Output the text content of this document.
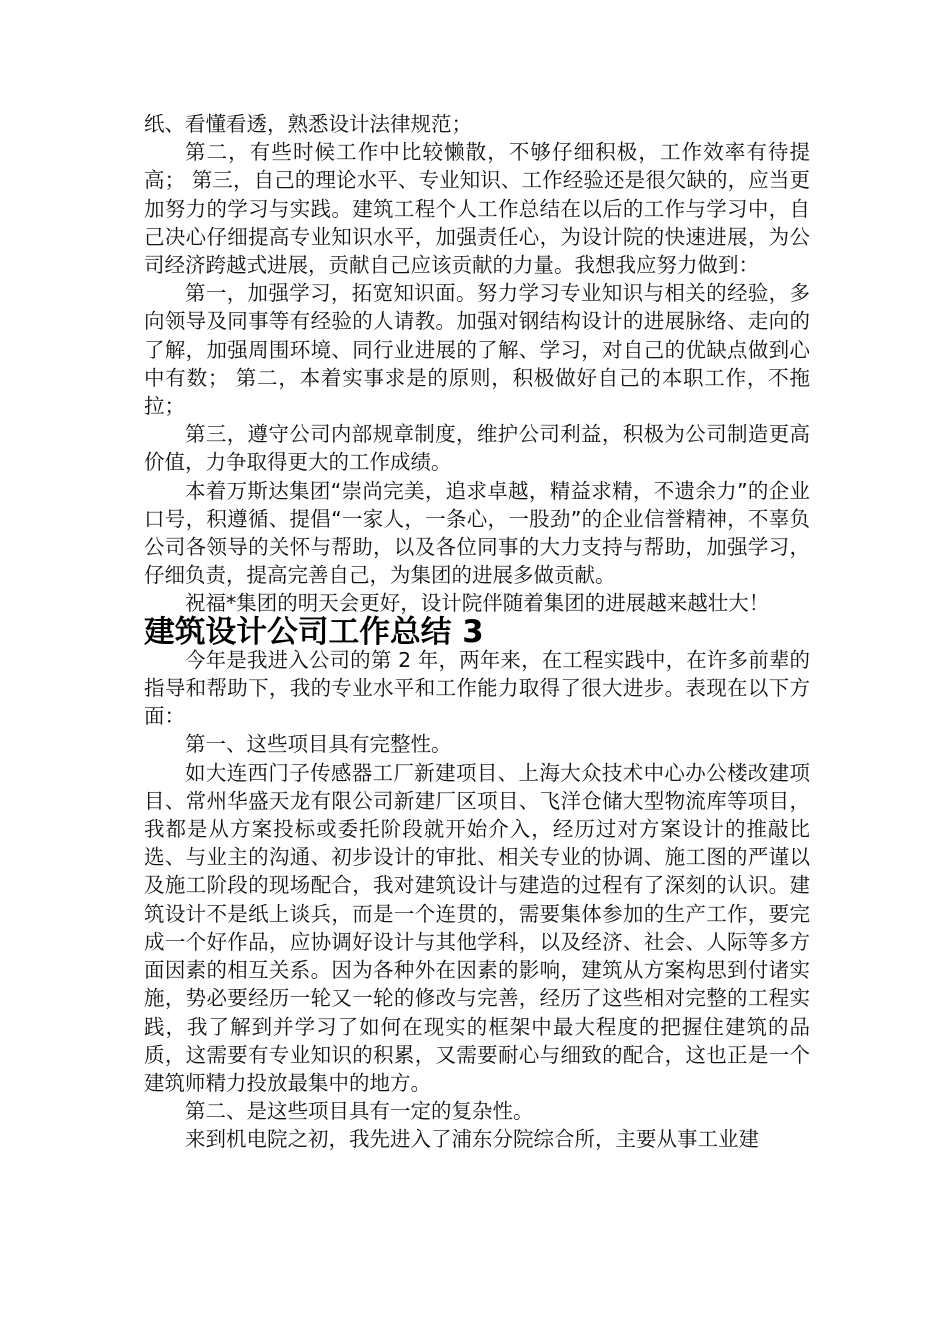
纸、看懂看透，熟悉设计法律规范；

第二，有些时候工作中比较懒散，不够仔细积极，工作效率有待提高； 第三，自己的理论水平、专业知识、工作经验还是很欠缺的，应当更加努力的学习与实践。建筑工程个人工作总结在以后的工作与学习中，自己决心仔细提高专业知识水平，加强责任心，为设计院的快速进展，为公司经济跨越式进展，贡献自己应该贡献的力量。我想我应努力做到：

第一，加强学习，拓宽知识面。努力学习专业知识与相关的经验，多向领导及同事等有经验的人请教。加强对钢结构设计的进展脉络、走向的了解，加强周围环境、同行业进展的了解、学习，对自己的优缺点做到心中有数； 第二，本着实事求是的原则，积极做好自己的本职工作，不拖拉；

第三，遵守公司内部规章制度，维护公司利益，积极为公司制造更高价值，力争取得更大的工作成绩。

本着万斯达集团“崇尚完美，追求卓越，精益求精，不遗余力”的企业口号，积遵循、提倡“一家人，一条心，一股劲”的企业信誉精神，不辜负公司各领导的关怀与帮助，以及各位同事的大力支持与帮助，加强学习，仔细负责，提高完善自己，为集团的进展多做贡献。

祝福*集团的明天会更好，设计院伴随着集团的进展越来越壮大！

建筑设计公司工作总结 3

今年是我进入公司的第 2 年，两年来，在工程实践中，在许多前辈的指导和帮助下，我的专业水平和工作能力取得了很大进步。表现在以下方面：

第一、这些项目具有完整性。

如大连西门子传感器工厂新建项目、上海大众技术中心办公楼改建项目、常州华盛天龙有限公司新建厂区项目、飞洋仓储大型物流库等项目，我都是从方案投标或委托阶段就开始介入，经历过对方案设计的推敲比选、与业主的沟通、初步设计的审批、相关专业的协调、施工图的严谨以及施工阶段的现场配合，我对建筑设计与建造的过程有了深刻的认识。建筑设计不是纸上谈兵，而是一个连贯的，需要集体参加的生产工作，要完成一个好作品，应协调好设计与其他学科，以及经济、社会、人际等多方面因素的相互关系。因为各种外在因素的影响，建筑从方案构思到付诸实施，势必要经历一轮又一轮的修改与完善，经历了这些相对完整的工程实践，我了解到并学习了如何在现实的框架中最大程度的把握住建筑的品质，这需要有专业知识的积累，又需要耐心与细致的配合，这也正是一个建筑师精力投放最集中的地方。

第二、是这些项目具有一定的复杂性。

来到机电院之初，我先进入了浦东分院综合所，主要从事工业建
